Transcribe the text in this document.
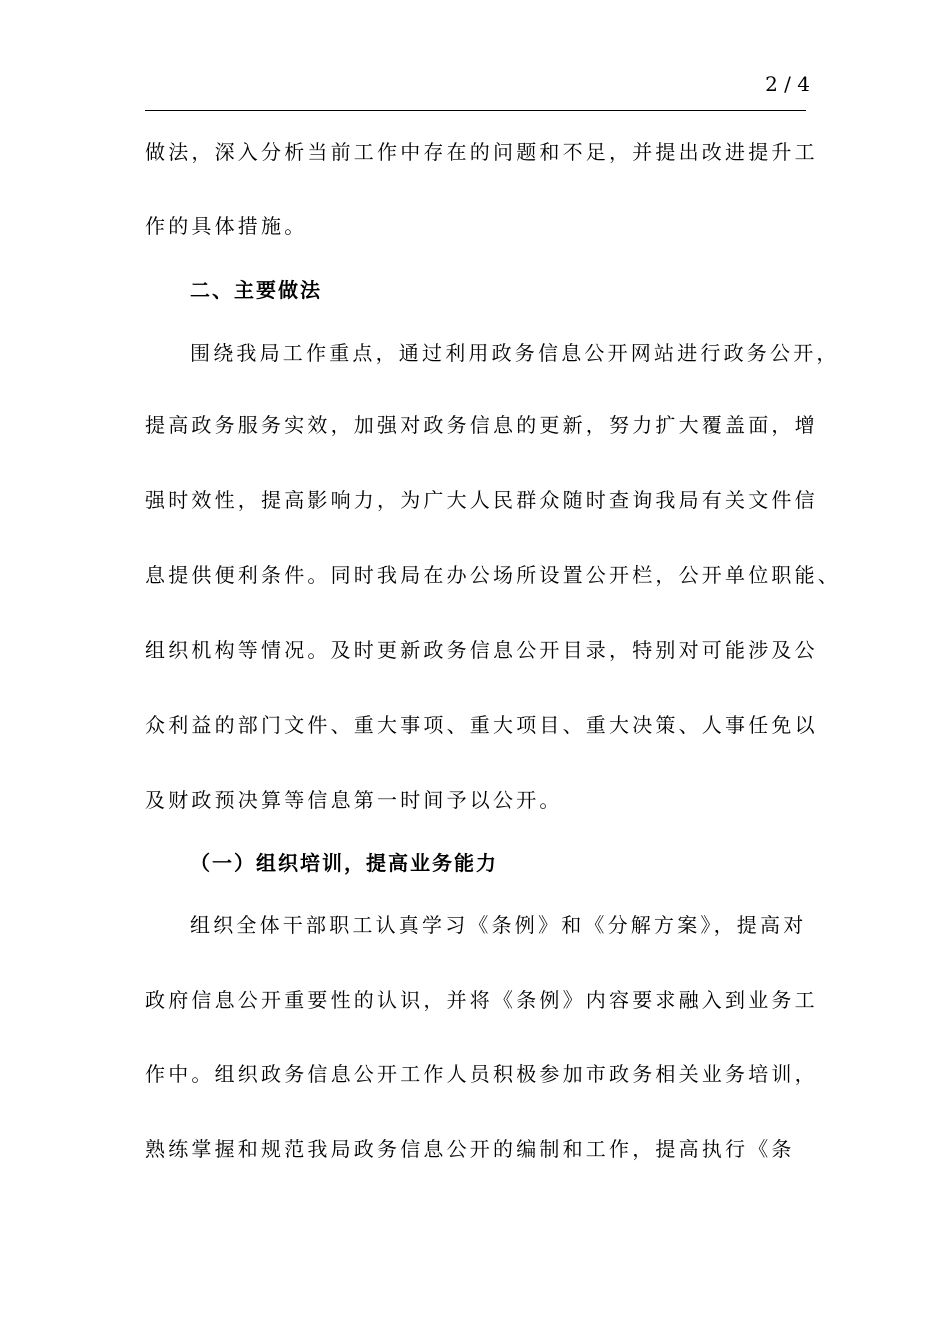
2 / 4
做法，深入分析当前工作中存在的问题和不足，并提出改进提升工
作的具体措施。
二、主要做法
围绕我局工作重点，通过利用政务信息公开网站进行政务公开，
提高政务服务实效，加强对政务信息的更新，努力扩大覆盖面，增
强时效性，提高影响力，为广大人民群众随时查询我局有关文件信
息提供便利条件。同时我局在办公场所设置公开栏，公开单位职能、
组织机构等情况。及时更新政务信息公开目录，特别对可能涉及公
众利益的部门文件、重大事项、重大项目、重大决策、人事任免以
及财政预决算等信息第一时间予以公开。
（一）组织培训，提高业务能力
组织全体干部职工认真学习《条例》和《分解方案》，提高对
政府信息公开重要性的认识，并将《条例》内容要求融入到业务工
作中。组织政务信息公开工作人员积极参加市政务相关业务培训，
熟练掌握和规范我局政务信息公开的编制和工作，提高执行《条
